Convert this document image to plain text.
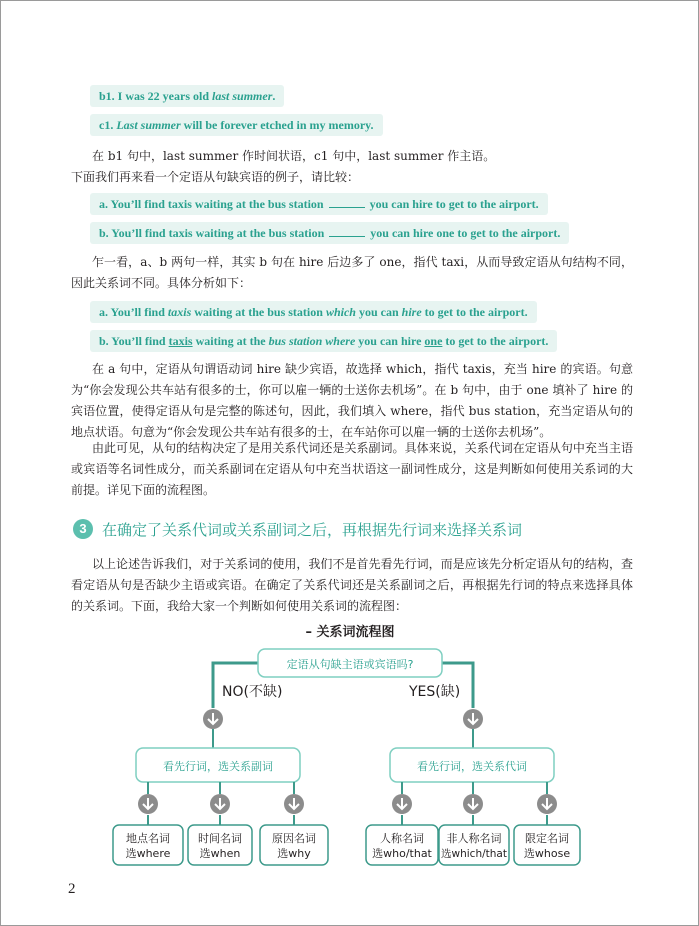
b1. I was 22 years old last summer.
c1. Last summer will be forever etched in my memory.
在 b1 句中，last summer 作时间状语，c1 句中，last summer 作主语。
下面我们再来看一个定语从句缺宾语的例子，请比较：
a. You’ll find taxis waiting at the bus station	you can hire to get to the airport.
b. You’ll find taxis waiting at the bus station	you can hire one to get to the airport.
乍一看，a、b 两句一样，其实 b 句在 hire 后边多了 one，指代 taxi，从而导致定语从句结构不同，因此关系词不同。具体分析如下：
a. You’ll find taxis waiting at the bus station which you can hire to get to the airport.
b. You’ll find taxis waiting at the bus station where you can hire one to get to the airport.
在 a 句中，定语从句谓语动词 hire 缺少宾语，故选择 which，指代 taxis，充当 hire 的宾语。句意为“你会发现公共车站有很多的士，你可以雇一辆的士送你去机场”。在 b 句中，由于 one 填补了 hire 的宾语位置，使得定语从句是完整的陈述句，因此，我们填入 where，指代 bus station，充当定语从句的地点状语。句意为“你会发现公共车站有很多的士，在车站你可以雇一辆的士送你去机场”。
由此可见，从句的结构决定了是用关系代词还是关系副词。具体来说，关系代词在定语从句中充当主语或宾语等名词性成分，而关系副词在定语从句中充当状语这一副词性成分，这是判断如何使用关系词的大前提。详见下面的流程图。
3	在确定了关系代词或关系副词之后，再根据先行词来选择关系词
以上论述告诉我们，对于关系词的使用，我们不是首先看先行词，而是应该先分析定语从句的结构，查看定语从句是否缺少主语或宾语。在确定了关系代词还是关系副词之后，再根据先行词的特点来选择具体的关系词。下面，我给大家一个判断如何使用关系词的流程图：
– 关系词流程图
定语从句缺主语或宾语吗?
NO(不缺)	YES(缺)
看先行词，选关系副词	看先行词，选关系代词
地点名词
选where
时间名词
选when
原因名词
选why
人称名词
选who/that
非人称名词
选which/that
限定名词
选whose
2
